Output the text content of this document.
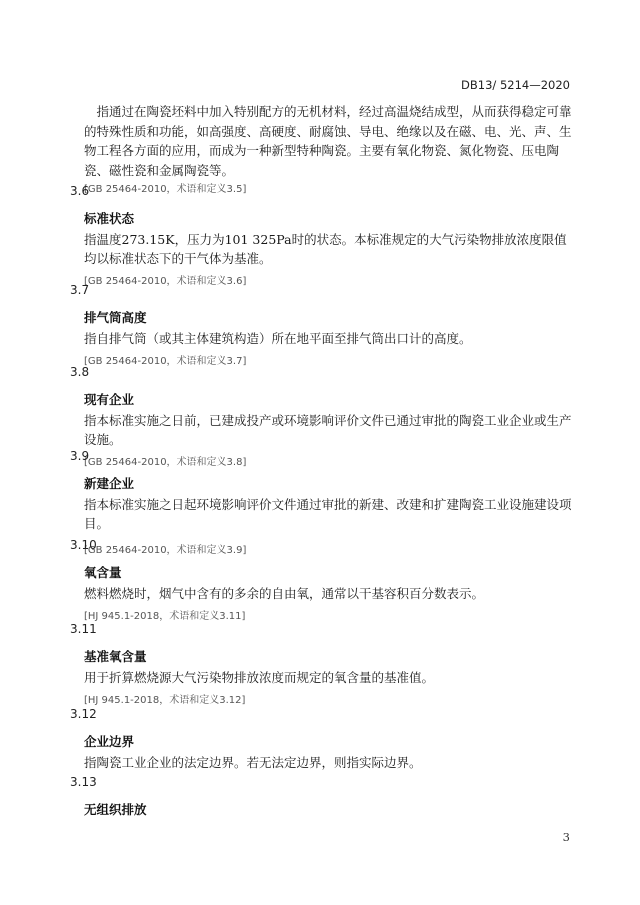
DB13/ 5214—2020

指通过在陶瓷坯料中加入特别配方的无机材料，经过高温烧结成型，从而获得稳定可靠的特殊性质和功能，如高强度、高硬度、耐腐蚀、导电、绝缘以及在磁、电、光、声、生物工程各方面的应用，而成为一种新型特种陶瓷。主要有氧化物瓷、氮化物瓷、压电陶瓷、磁性瓷和金属陶瓷等。

[GB 25464-2010，术语和定义3.5]

3.6
标准状态

指温度273.15K，压力为101 325Pa时的状态。本标准规定的大气污染物排放浓度限值均以标准状态下的干气体为基准。

[GB 25464-2010，术语和定义3.6]

3.7
排气筒高度

指自排气筒（或其主体建筑构造）所在地平面至排气筒出口计的高度。

[GB 25464-2010，术语和定义3.7]

3.8
现有企业

指本标准实施之日前，已建成投产或环境影响评价文件已通过审批的陶瓷工业企业或生产设施。

[GB 25464-2010，术语和定义3.8]

3.9
新建企业

指本标准实施之日起环境影响评价文件通过审批的新建、改建和扩建陶瓷工业设施建设项目。

[GB 25464-2010，术语和定义3.9]

3.10
氧含量

燃料燃烧时，烟气中含有的多余的自由氧，通常以干基容积百分数表示。

[HJ 945.1-2018，术语和定义3.11]

3.11
基准氧含量

用于折算燃烧源大气污染物排放浓度而规定的氧含量的基准值。

[HJ 945.1-2018，术语和定义3.12]

3.12
企业边界

指陶瓷工业企业的法定边界。若无法定边界，则指实际边界。

3.13
无组织排放
3
